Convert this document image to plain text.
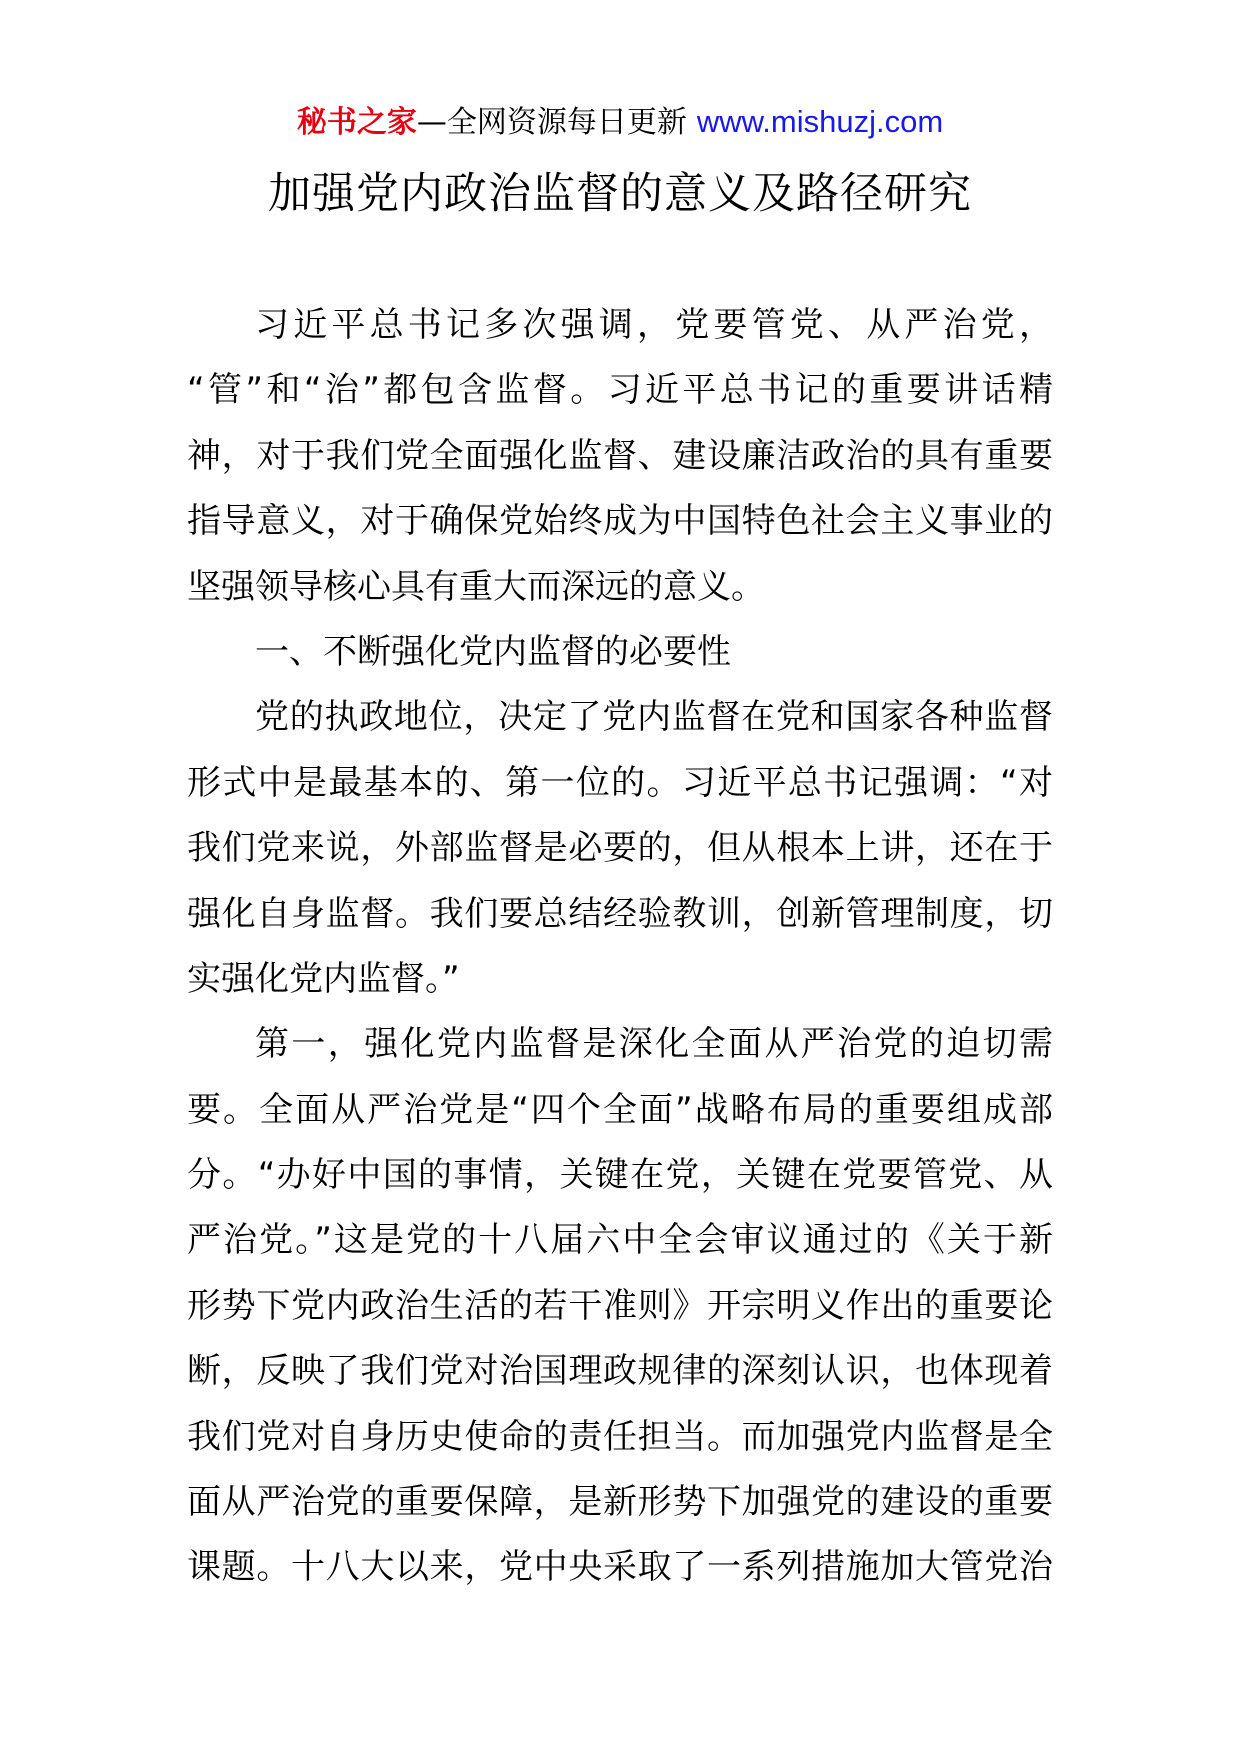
秘书之家—全网资源每日更新 www.mishuzj.com
加强党内政治监督的意义及路径研究
习近平总书记多次强调，党要管党、从严治党，
“管”和“治”都包含监督。习近平总书记的重要讲话精
神，对于我们党全面强化监督、建设廉洁政治的具有重要
指导意义，对于确保党始终成为中国特色社会主义事业的
坚强领导核心具有重大而深远的意义。
一、不断强化党内监督的必要性
党的执政地位，决定了党内监督在党和国家各种监督
形式中是最基本的、第一位的。习近平总书记强调：“对
我们党来说，外部监督是必要的，但从根本上讲，还在于
强化自身监督。我们要总结经验教训，创新管理制度，切
实强化党内监督。”
第一，强化党内监督是深化全面从严治党的迫切需
要。全面从严治党是“四个全面”战略布局的重要组成部
分。“办好中国的事情，关键在党，关键在党要管党、从
严治党。”这是党的十八届六中全会审议通过的《关于新
形势下党内政治生活的若干准则》开宗明义作出的重要论
断，反映了我们党对治国理政规律的深刻认识，也体现着
我们党对自身历史使命的责任担当。而加强党内监督是全
面从严治党的重要保障，是新形势下加强党的建设的重要
课题。十八大以来，党中央采取了一系列措施加大管党治
